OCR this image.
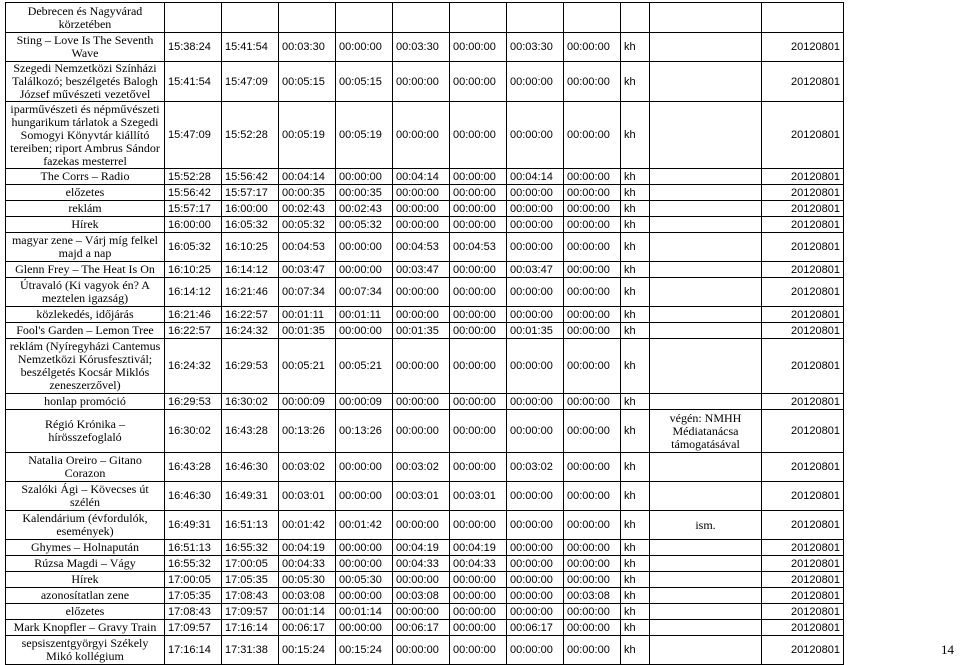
Debrecen és Nagyvárad körzetében											
Sting ‒ Love Is The Seventh Wave	15:38:24	15:41:54	00:03:30	00:00:00	00:03:30	00:00:00	00:03:30	00:00:00	kh		20120801
Szegedi Nemzetközi Színházi Találkozó; beszélgetés Balogh József művészeti vezetővel	15:41:54	15:47:09	00:05:15	00:05:15	00:00:00	00:00:00	00:00:00	00:00:00	kh		20120801
iparművészeti és népművészeti hungarikum tárlatok a Szegedi Somogyi Könyvtár kiállító tereiben; riport Ambrus Sándor fazekas mesterrel	15:47:09	15:52:28	00:05:19	00:05:19	00:00:00	00:00:00	00:00:00	00:00:00	kh		20120801
The Corrs ‒ Radio	15:52:28	15:56:42	00:04:14	00:00:00	00:04:14	00:00:00	00:04:14	00:00:00	kh		20120801
előzetes	15:56:42	15:57:17	00:00:35	00:00:35	00:00:00	00:00:00	00:00:00	00:00:00	kh		20120801
reklám	15:57:17	16:00:00	00:02:43	00:02:43	00:00:00	00:00:00	00:00:00	00:00:00	kh		20120801
Hírek	16:00:00	16:05:32	00:05:32	00:05:32	00:00:00	00:00:00	00:00:00	00:00:00	kh		20120801
magyar zene ‒ Várj míg felkel majd a nap	16:05:32	16:10:25	00:04:53	00:00:00	00:04:53	00:04:53	00:00:00	00:00:00	kh		20120801
Glenn Frey ‒ The Heat Is On	16:10:25	16:14:12	00:03:47	00:00:00	00:03:47	00:00:00	00:03:47	00:00:00	kh		20120801
Útravaló (Ki vagyok én? A meztelen igazság)	16:14:12	16:21:46	00:07:34	00:07:34	00:00:00	00:00:00	00:00:00	00:00:00	kh		20120801
közlekedés, időjárás	16:21:46	16:22:57	00:01:11	00:01:11	00:00:00	00:00:00	00:00:00	00:00:00	kh		20120801
Fool's Garden ‒ Lemon Tree	16:22:57	16:24:32	00:01:35	00:00:00	00:01:35	00:00:00	00:01:35	00:00:00	kh		20120801
reklám (Nyíregyházi Cantemus Nemzetközi Kórusfesztivál; beszélgetés Kocsár Miklós zeneszerzővel)	16:24:32	16:29:53	00:05:21	00:05:21	00:00:00	00:00:00	00:00:00	00:00:00	kh		20120801
honlap promóció	16:29:53	16:30:02	00:00:09	00:00:09	00:00:00	00:00:00	00:00:00	00:00:00	kh		20120801
Régió Krónika ‒ hírösszefoglaló	16:30:02	16:43:28	00:13:26	00:13:26	00:00:00	00:00:00	00:00:00	00:00:00	kh	végén: NMHH Médiatanácsa támogatásával	20120801
Natalia Oreiro ‒ Gitano Corazon	16:43:28	16:46:30	00:03:02	00:00:00	00:03:02	00:00:00	00:03:02	00:00:00	kh		20120801
Szalóki Ági ‒ Kövecses út szélén	16:46:30	16:49:31	00:03:01	00:00:00	00:03:01	00:03:01	00:00:00	00:00:00	kh		20120801
Kalendárium (évfordulók, események)	16:49:31	16:51:13	00:01:42	00:01:42	00:00:00	00:00:00	00:00:00	00:00:00	kh	ism.	20120801
Ghymes ‒ Holnapután	16:51:13	16:55:32	00:04:19	00:00:00	00:04:19	00:04:19	00:00:00	00:00:00	kh		20120801
Rúzsa Magdi ‒ Vágy	16:55:32	17:00:05	00:04:33	00:00:00	00:04:33	00:04:33	00:00:00	00:00:00	kh		20120801
Hírek	17:00:05	17:05:35	00:05:30	00:05:30	00:00:00	00:00:00	00:00:00	00:00:00	kh		20120801
azonosítatlan zene	17:05:35	17:08:43	00:03:08	00:00:00	00:03:08	00:00:00	00:00:00	00:03:08	kh		20120801
előzetes	17:08:43	17:09:57	00:01:14	00:01:14	00:00:00	00:00:00	00:00:00	00:00:00	kh		20120801
Mark Knopfler ‒ Gravy Train	17:09:57	17:16:14	00:06:17	00:00:00	00:06:17	00:00:00	00:06:17	00:00:00	kh		20120801
sepsiszentgyörgyi Székely Mikó kollégium	17:16:14	17:31:38	00:15:24	00:15:24	00:00:00	00:00:00	00:00:00	00:00:00	kh		20120801	14
